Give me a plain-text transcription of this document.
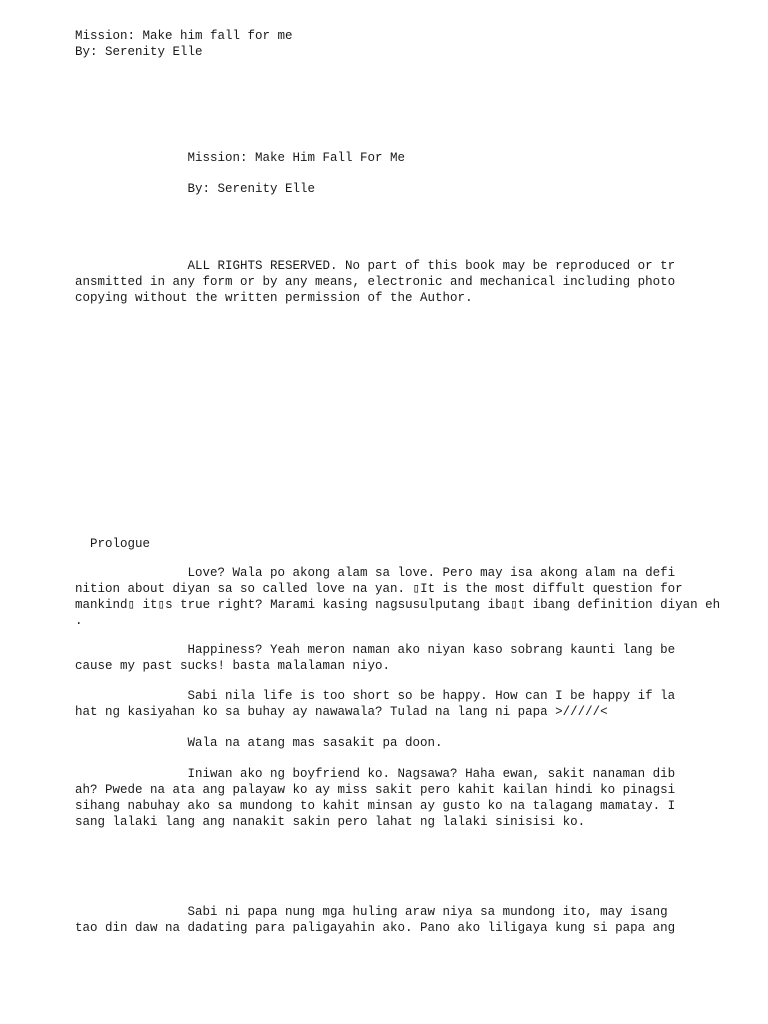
Mission: Make him fall for me

By: Serenity Elle

Mission: Make Him Fall For Me

By: Serenity Elle

ALL RIGHTS RESERVED. No part of this book may be reproduced or tr

ansmitted in any form or by any means, electronic and mechanical including photo

copying without the written permission of the Author.

Prologue

Love? Wala po akong alam sa love. Pero may isa akong alam na defi

nition about diyan sa so called love na yan. ▯It is the most diffult question for

mankind▯ it▯s true right? Marami kasing nagsusulputang iba▯t ibang definition diyan eh

.

Happiness? Yeah meron naman ako niyan kaso sobrang kaunti lang be

cause my past sucks! basta malalaman niyo.

Sabi nila life is too short so be happy. How can I be happy if la

hat ng kasiyahan ko sa buhay ay nawawala? Tulad na lang ni papa >/////<

Wala na atang mas sasakit pa doon.

Iniwan ako ng boyfriend ko. Nagsawa? Haha ewan, sakit nanaman dib

ah? Pwede na ata ang palayaw ko ay miss sakit pero kahit kailan hindi ko pinagsi

sihang nabuhay ako sa mundong to kahit minsan ay gusto ko na talagang mamatay. I

sang lalaki lang ang nanakit sakin pero lahat ng lalaki sinisisi ko.

Sabi ni papa nung mga huling araw niya sa mundong ito, may isang

tao din daw na dadating para paligayahin ako. Pano ako liligaya kung si papa ang
